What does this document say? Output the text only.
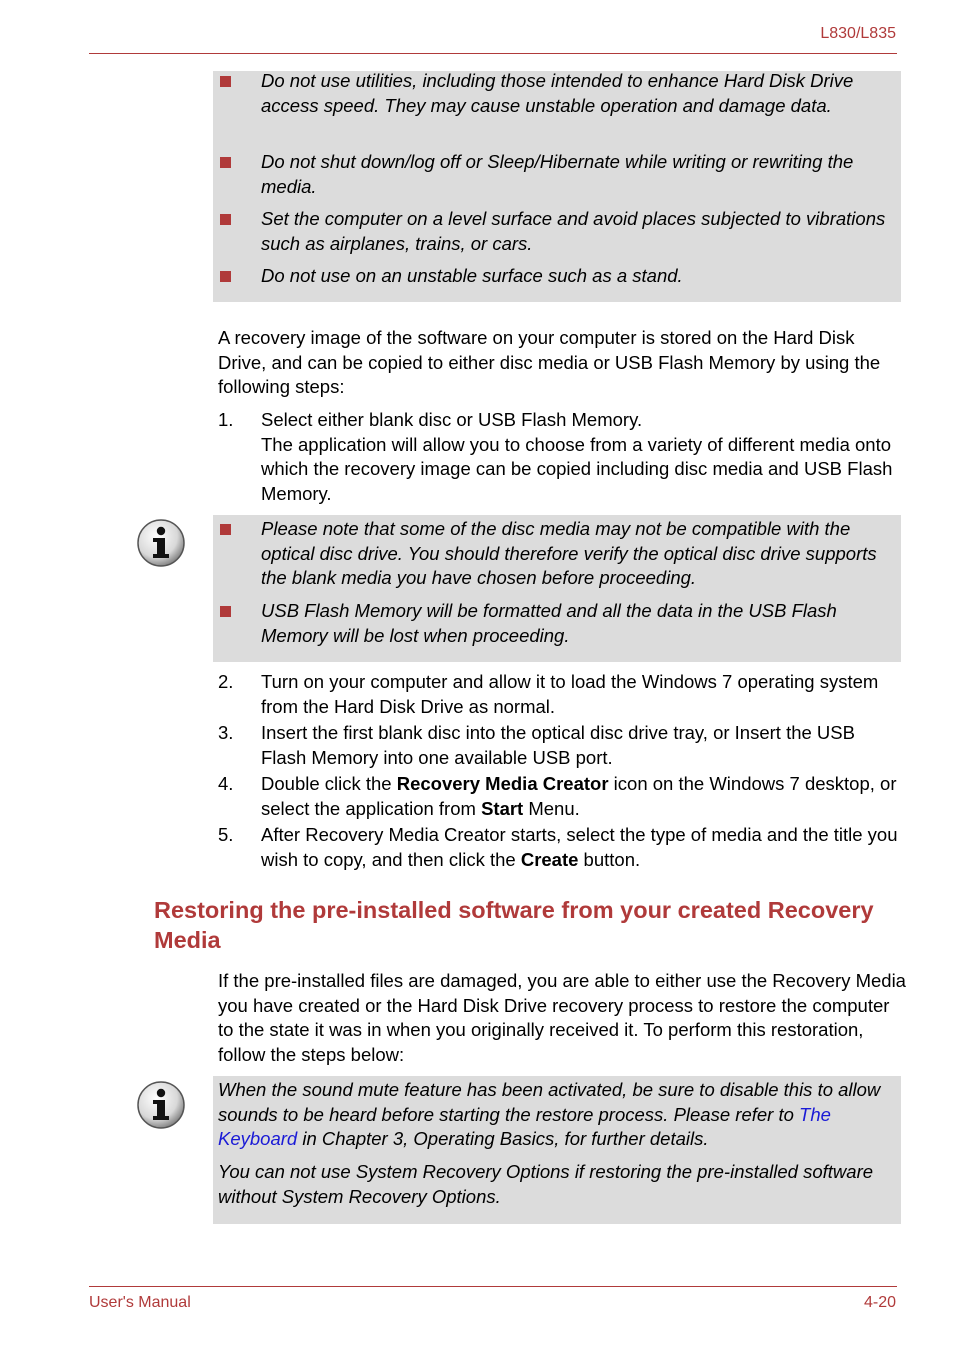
L830/L835
Do not use utilities, including those intended to enhance Hard Disk Drive access speed. They may cause unstable operation and damage data.
Do not shut down/log off or Sleep/Hibernate while writing or rewriting the media.
Set the computer on a level surface and avoid places subjected to vibrations such as airplanes, trains, or cars.
Do not use on an unstable surface such as a stand.
A recovery image of the software on your computer is stored on the Hard Disk Drive, and can be copied to either disc media or USB Flash Memory by using the following steps:
1. Select either blank disc or USB Flash Memory.
The application will allow you to choose from a variety of different media onto which the recovery image can be copied including disc media and USB Flash Memory.
Please note that some of the disc media may not be compatible with the optical disc drive. You should therefore verify the optical disc drive supports the blank media you have chosen before proceeding.
USB Flash Memory will be formatted and all the data in the USB Flash Memory will be lost when proceeding.
2. Turn on your computer and allow it to load the Windows 7 operating system from the Hard Disk Drive as normal.
3. Insert the first blank disc into the optical disc drive tray, or Insert the USB Flash Memory into one available USB port.
4. Double click the Recovery Media Creator icon on the Windows 7 desktop, or select the application from Start Menu.
5. After Recovery Media Creator starts, select the type of media and the title you wish to copy, and then click the Create button.
Restoring the pre-installed software from your created Recovery Media
If the pre-installed files are damaged, you are able to either use the Recovery Media you have created or the Hard Disk Drive recovery process to restore the computer to the state it was in when you originally received it. To perform this restoration, follow the steps below:
When the sound mute feature has been activated, be sure to disable this to allow sounds to be heard before starting the restore process. Please refer to The Keyboard in Chapter 3, Operating Basics, for further details.
You can not use System Recovery Options if restoring the pre-installed software without System Recovery Options.
User's Manual	4-20
